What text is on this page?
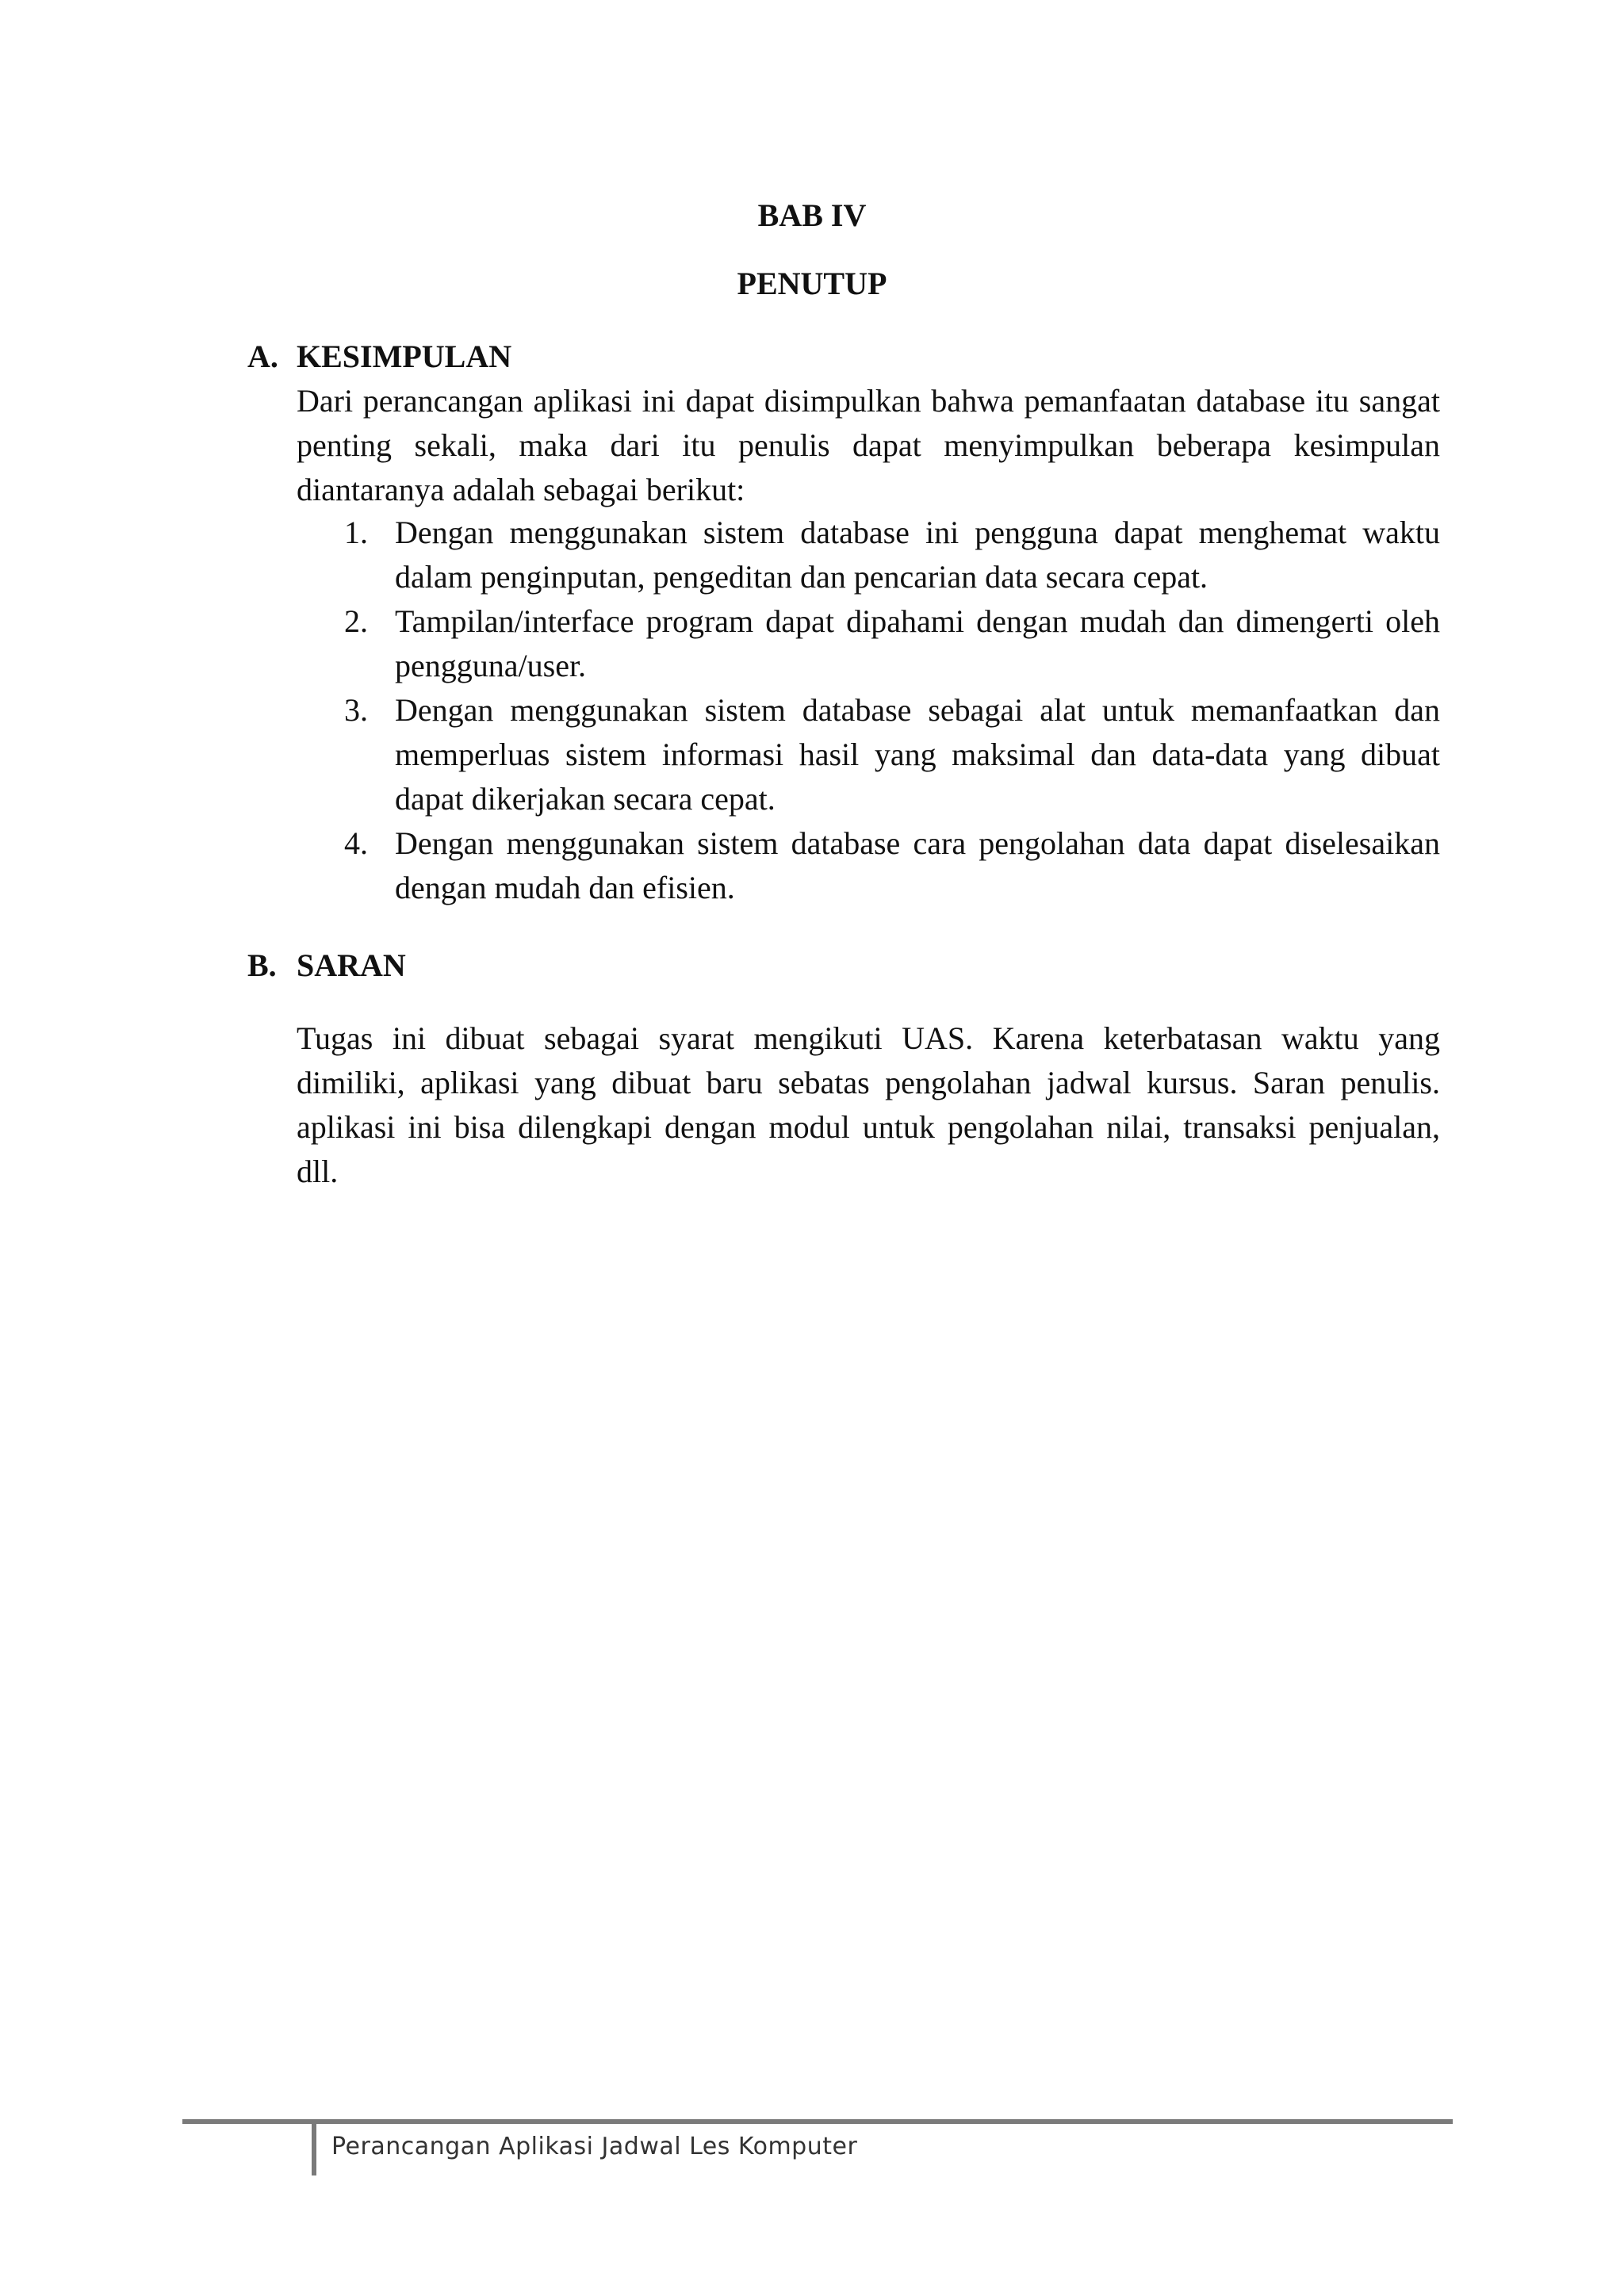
BAB IV
PENUTUP
A. KESIMPULAN
Dari perancangan aplikasi ini dapat disimpulkan bahwa pemanfaatan database itu sangat penting sekali, maka dari itu penulis dapat menyimpulkan beberapa kesimpulan diantaranya adalah sebagai berikut:
1. Dengan menggunakan sistem database ini pengguna dapat menghemat waktu dalam penginputan, pengeditan dan pencarian data secara cepat.
2. Tampilan/interface program dapat dipahami dengan mudah dan dimengerti oleh pengguna/user.
3. Dengan menggunakan sistem database sebagai alat untuk memanfaatkan dan memperluas sistem informasi hasil yang maksimal dan data-data yang dibuat dapat dikerjakan secara cepat.
4. Dengan menggunakan sistem database cara pengolahan data dapat diselesaikan dengan mudah dan efisien.
B. SARAN
Tugas ini dibuat sebagai syarat mengikuti UAS. Karena keterbatasan waktu yang dimiliki, aplikasi yang dibuat baru sebatas pengolahan jadwal kursus. Saran penulis. aplikasi ini bisa dilengkapi dengan modul untuk pengolahan nilai, transaksi penjualan, dll.
Perancangan Aplikasi Jadwal Les Komputer
